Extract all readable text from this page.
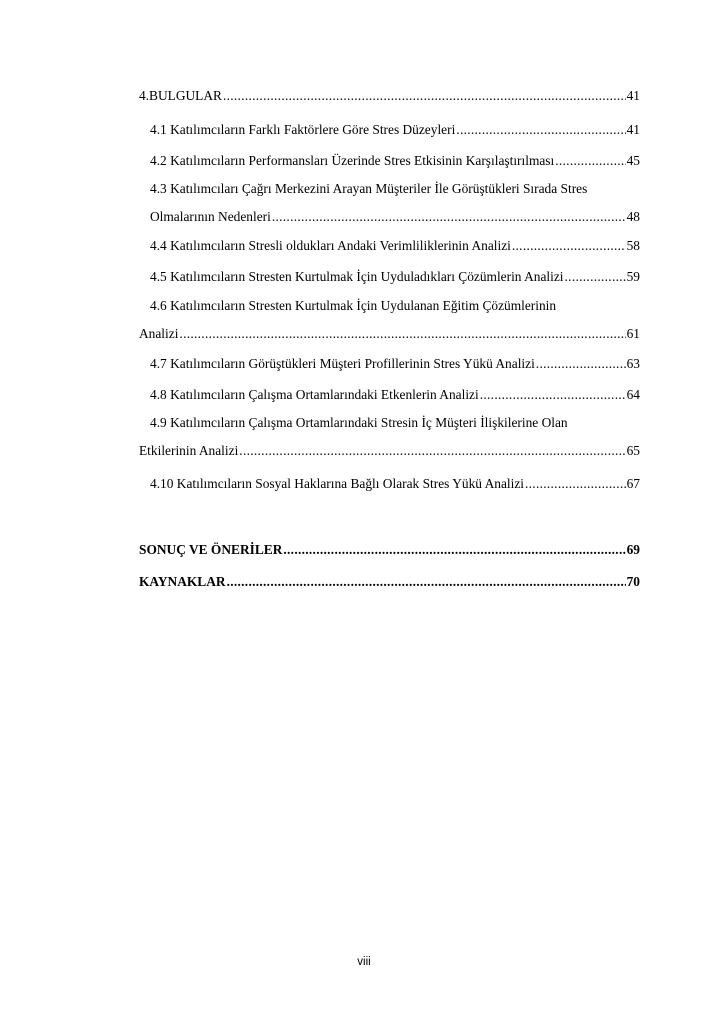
4.BULGULAR .....	41
4.1 Katılımcıların Farklı Faktörlere Göre Stres Düzeyleri .....	41
4.2 Katılımcıların Performansları Üzerinde Stres Etkisinin Karşılaştırılması .....	45
4.3 Katılımcıları Çağrı Merkezini Arayan Müşteriler İle Görüştükleri Sırada Stres
Olmalarının Nedenleri .....	48
4.4 Katılımcıların Stresli oldukları Andaki Verimliliklerinin Analizi .....	58
4.5 Katılımcıların Stresten Kurtulmak İçin Uyduladıkları Çözümlerin Analizi .....	59
4.6 Katılımcıların Stresten Kurtulmak İçin Uydulanan Eğitim Çözümlerinin
Analizi .....	61
4.7 Katılımcıların Görüştükleri Müşteri Profillerinin Stres Yükü Analizi .....	63
4.8 Katılımcıların Çalışma Ortamlarındaki Etkenlerin Analizi .....	64
4.9 Katılımcıların Çalışma Ortamlarındaki Stresin İç Müşteri İlişkilerine Olan
Etkilerinin Analizi .....	65
4.10 Katılımcıların Sosyal Haklarına Bağlı Olarak Stres Yükü Analizi .....	67
SONUÇ VE ÖNERİLER .....	69
KAYNAKLAR .....	70
viii
